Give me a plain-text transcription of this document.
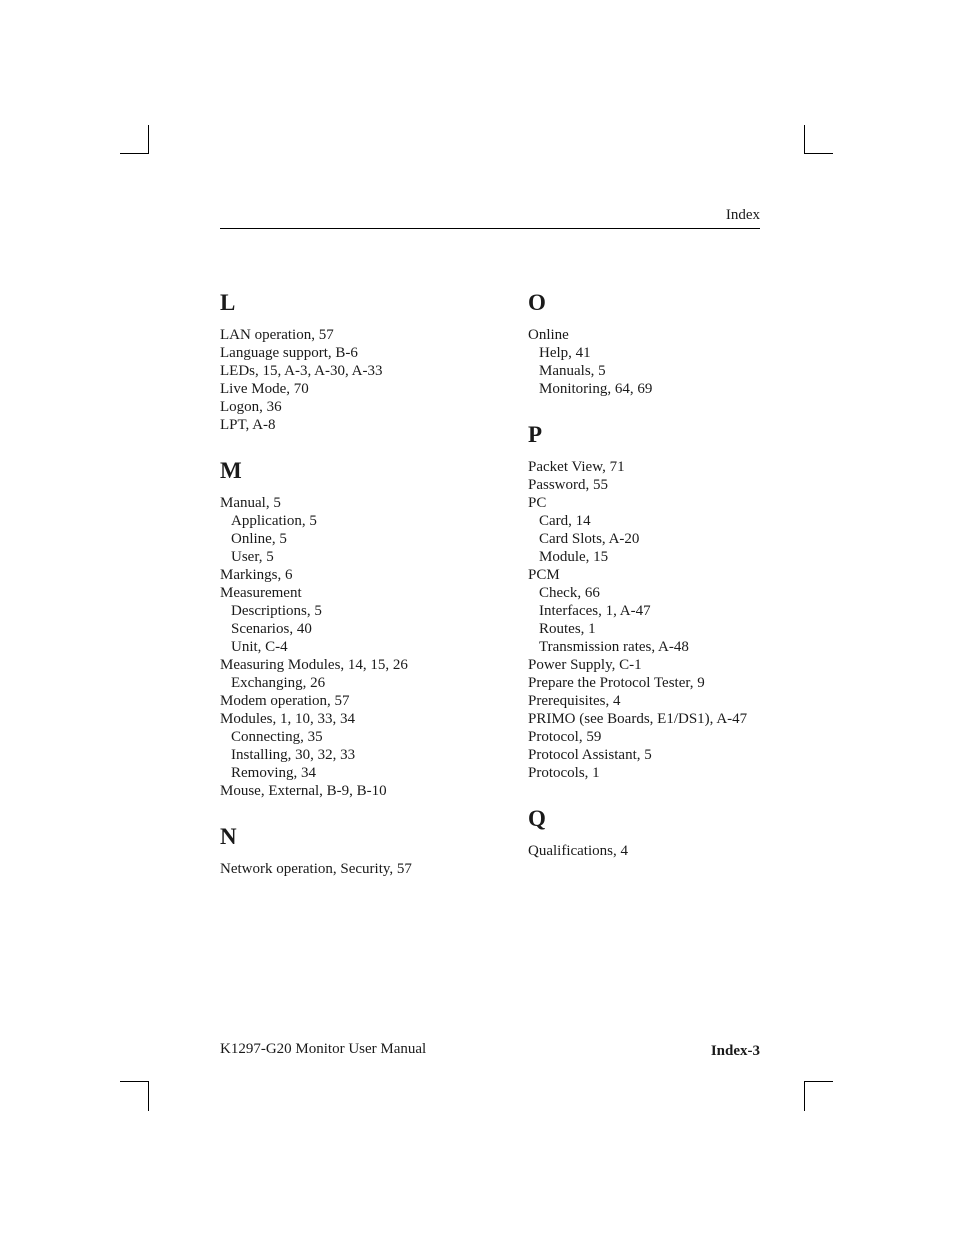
Index
L
LAN operation, 57
Language support, B-6
LEDs, 15, A-3, A-30, A-33
Live Mode, 70
Logon, 36
LPT, A-8
M
Manual, 5
Application, 5
Online, 5
User, 5
Markings, 6
Measurement
Descriptions, 5
Scenarios, 40
Unit, C-4
Measuring Modules, 14, 15, 26
Exchanging, 26
Modem operation, 57
Modules, 1, 10, 33, 34
Connecting, 35
Installing, 30, 32, 33
Removing, 34
Mouse, External, B-9, B-10
N
Network operation, Security, 57
O
Online
Help, 41
Manuals, 5
Monitoring, 64, 69
P
Packet View, 71
Password, 55
PC
Card, 14
Card Slots, A-20
Module, 15
PCM
Check, 66
Interfaces, 1, A-47
Routes, 1
Transmission rates, A-48
Power Supply, C-1
Prepare the Protocol Tester, 9
Prerequisites, 4
PRIMO (see Boards, E1/DS1), A-47
Protocol, 59
Protocol Assistant, 5
Protocols, 1
Q
Qualifications, 4
K1297-G20 Monitor User Manual	Index-3
